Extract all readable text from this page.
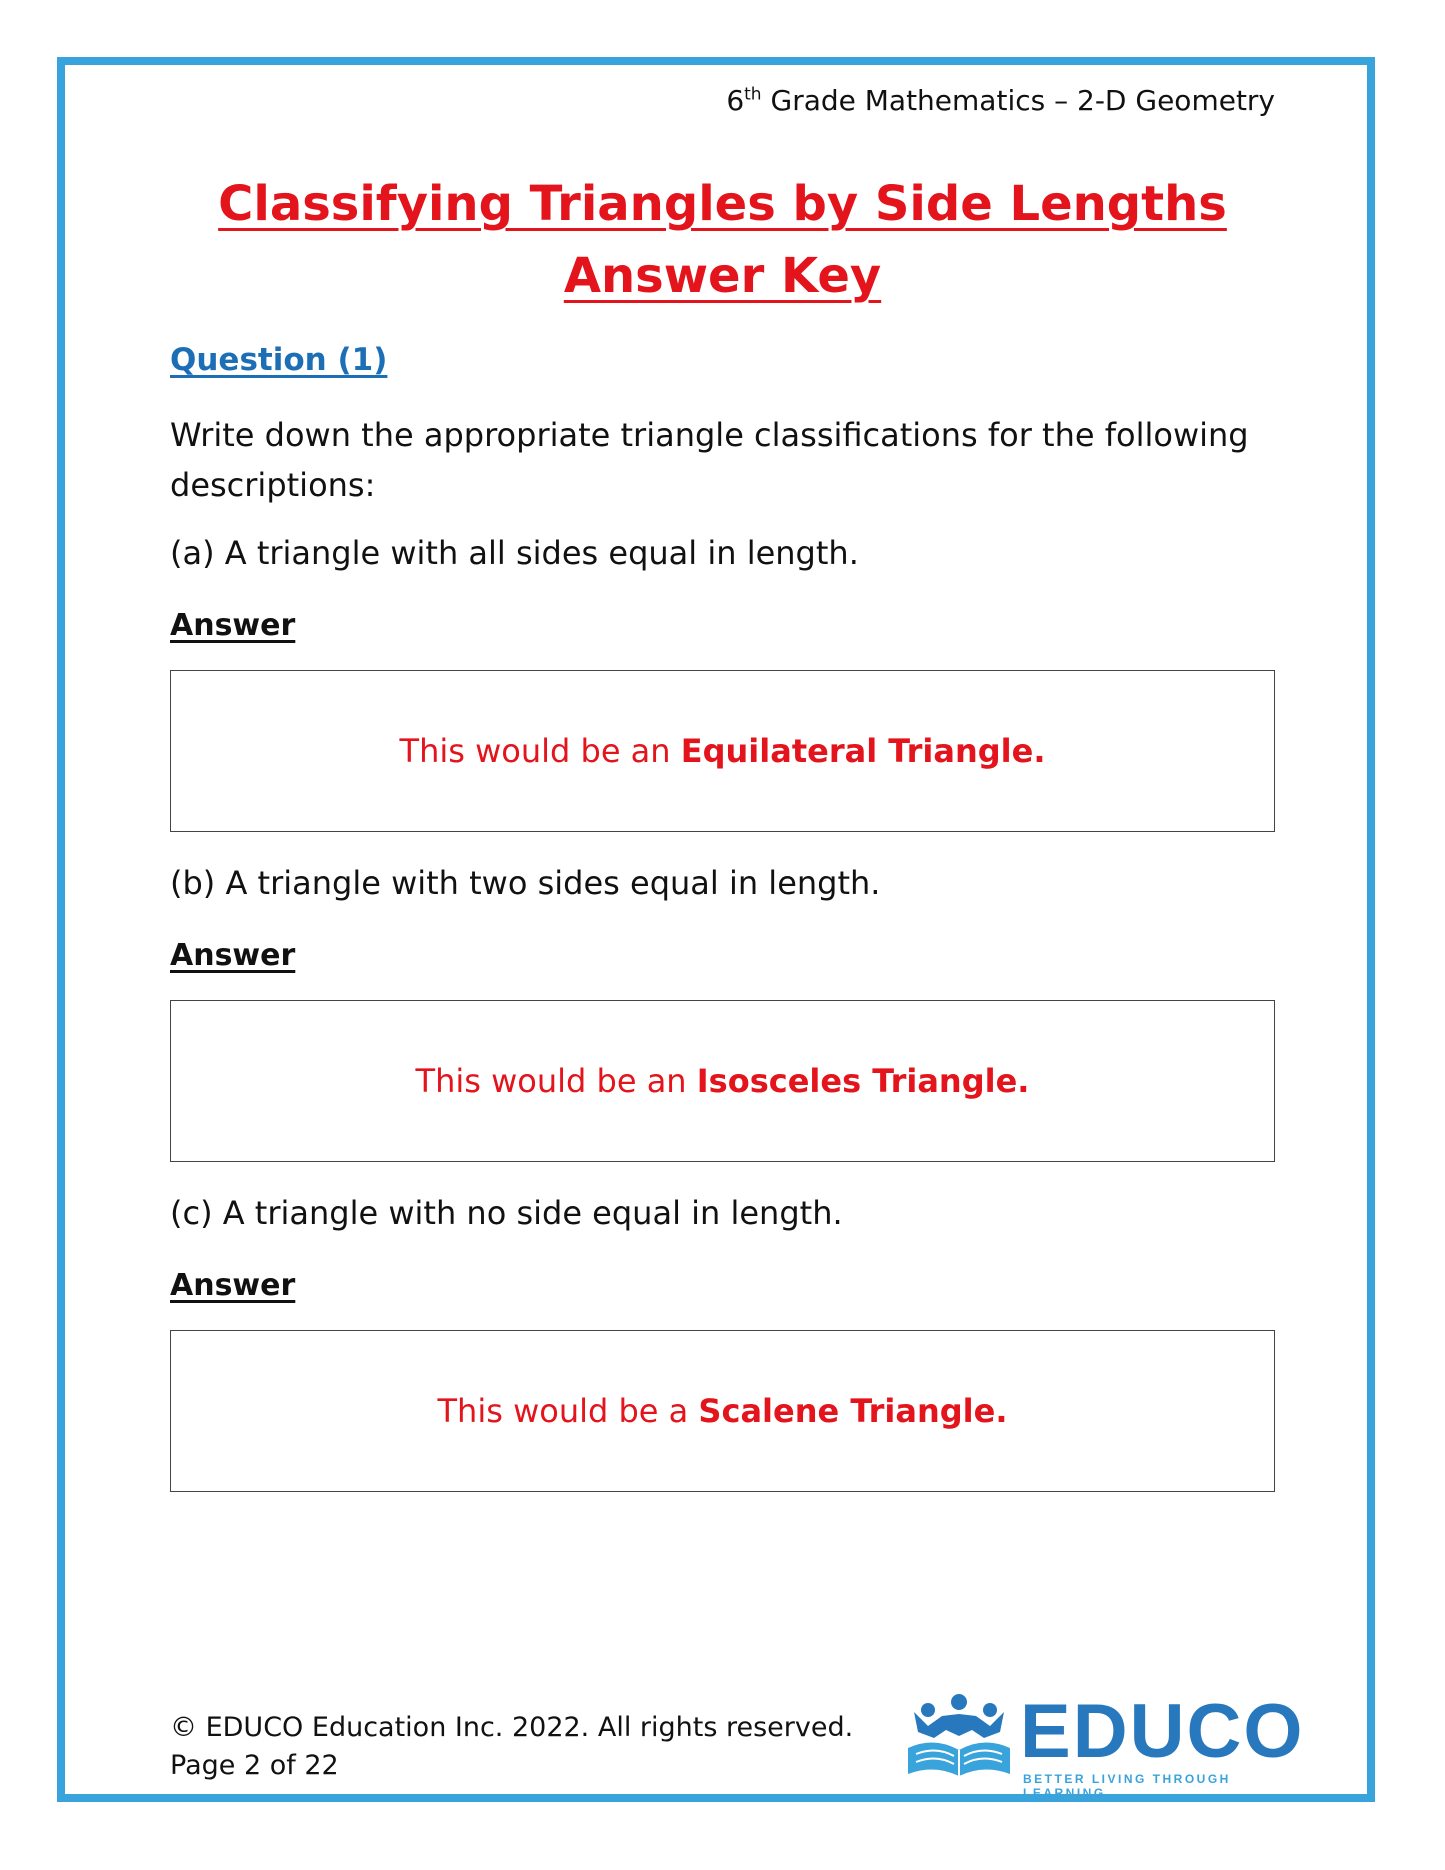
6th Grade Mathematics – 2-D Geometry
Classifying Triangles by Side Lengths
Answer Key
Question (1)
Write down the appropriate triangle classifications for the following descriptions:
(a) A triangle with all sides equal in length.
Answer
This would be an Equilateral Triangle.
(b) A triangle with two sides equal in length.
Answer
This would be an Isosceles Triangle.
(c) A triangle with no side equal in length.
Answer
This would be a Scalene Triangle.
© EDUCO Education Inc. 2022. All rights reserved.
Page 2 of 22	EDUCO
BETTER LIVING THROUGH LEARNING
